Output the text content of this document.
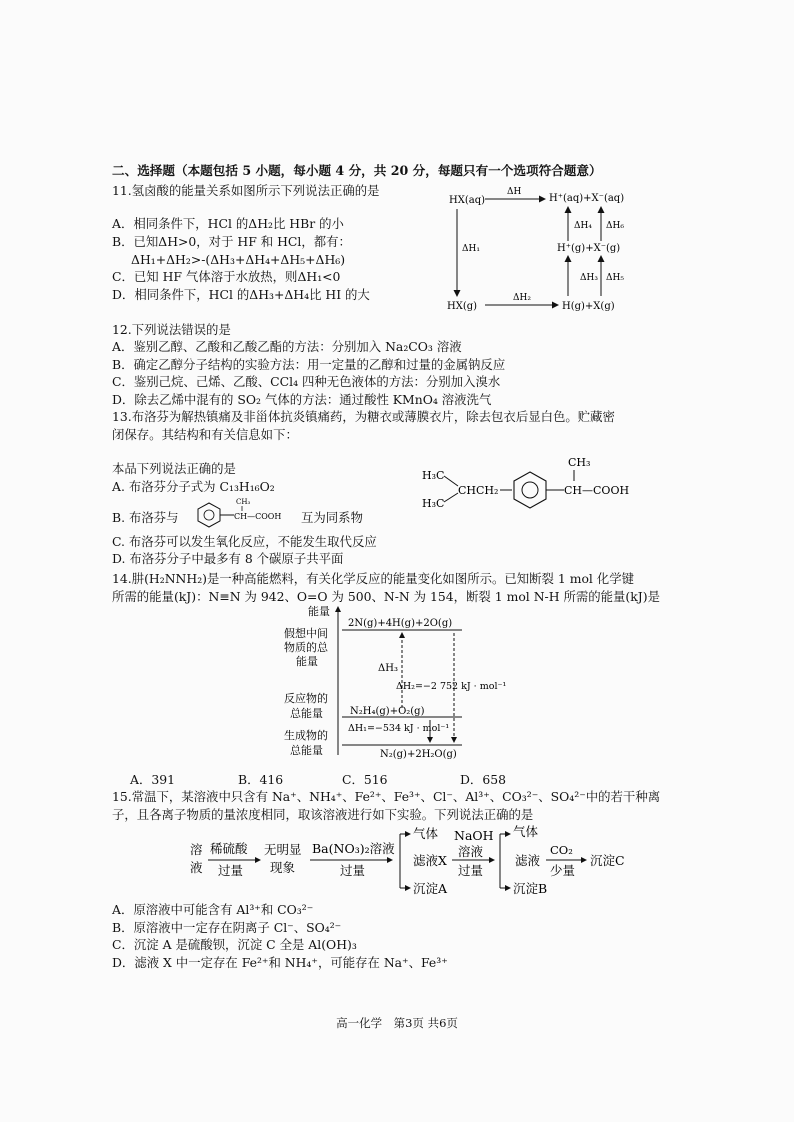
二、选择题（本题包括 5 小题，每小题 4 分，共 20 分，每题只有一个选项符合题意）
11.氢卤酸的能量关系如图所示下列说法正确的是
A．相同条件下，HCl 的ΔH₂比 HBr 的小
B．已知ΔH>0，对于 HF 和 HCl，都有：
ΔH₁+ΔH₂>-(ΔH₃+ΔH₄+ΔH₅+ΔH₆)
C．已知 HF 气体溶于水放热，则ΔH₁<0
D．相同条件下，HCl 的ΔH₃+ΔH₄比 HI 的大
HX(aq)	H⁺(aq)+X⁻(aq)
H⁺(g)+X⁻(g)
HX(g)	H(g)+X(g)
ΔH
ΔH₁
ΔH₂
ΔH₃ ΔH₅
ΔH₄ ΔH₆
12.下列说法错误的是
A．鉴别乙醇、乙酸和乙酸乙酯的方法：分别加入 Na₂CO₃ 溶液
B．确定乙醇分子结构的实验方法：用一定量的乙醇和过量的金属钠反应
C．鉴别己烷、己烯、乙酸、CCl₄ 四种无色液体的方法：分别加入溴水
D．除去乙烯中混有的 SO₂ 气体的方法：通过酸性 KMnO₄ 溶液洗气
13.布洛芬为解热镇痛及非甾体抗炎镇痛药，为糖衣或薄膜衣片，除去包衣后显白色。贮藏密
闭保存。其结构和有关信息如下：
本品下列说法正确的是
A. 布洛芬分子式为 C₁₃H₁₆O₂
B. 布洛芬与
CH₃
CH—COOH 互为同系物
C. 布洛芬可以发生氧化反应，不能发生取代反应
D. 布洛芬分子中最多有 8 个碳原子共平面
H₃C
H₃C
CHCH₂
CH₃
CH—COOH
14.肼(H₂NNH₂)是一种高能燃料，有关化学反应的能量变化如图所示。已知断裂 1 mol 化学键
所需的能量(kJ)：N≡N 为 942、O=O 为 500、N-N 为 154，断裂 1 mol N-H 所需的能量(kJ)是
能量
假想中间
物质的总
能量
反应物的
总能量
生成物的
总能量
2N(g)+4H(g)+2O(g)
N₂H₄(g)+O₂(g)
N₂(g)+2H₂O(g)
ΔH₃
ΔH₂=−2 752 kJ · mol⁻¹
ΔH₁=−534 kJ · mol⁻¹
A．391	B．416	C．516	D．658
15.常温下，某溶液中只含有 Na⁺、NH₄⁺、Fe²⁺、Fe³⁺、Cl⁻、Al³⁺、CO₃²⁻、SO₄²⁻中的若干种离
子，且各离子物质的量浓度相同，取该溶液进行如下实验。下列说法正确的是
溶
液
稀硫酸
过量
无明显
现象
Ba(NO₃)₂溶液
过量
气体
滤液X
沉淀A
NaOH
溶液
过量
气体
滤液
沉淀B
CO₂
少量
沉淀C
A．原溶液中可能含有 Al³⁺和 CO₃²⁻
B．原溶液中一定存在阴离子 Cl⁻、SO₄²⁻
C．沉淀 A 是硫酸钡，沉淀 C 全是 Al(OH)₃
D．滤液 X 中一定存在 Fe²⁺和 NH₄⁺，可能存在 Na⁺、Fe³⁺
高一化学　第3页 共6页
